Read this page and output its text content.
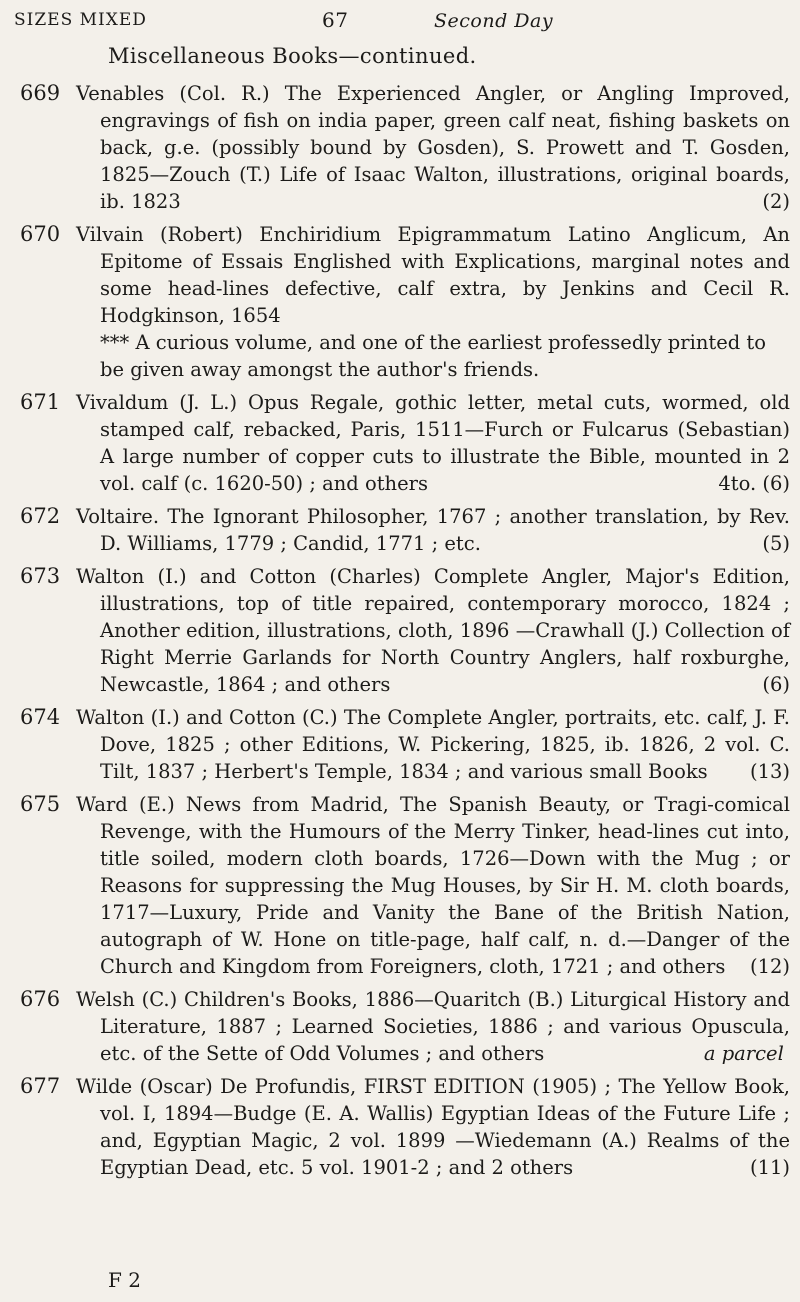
SIZES MIXED	67	Second Day
Miscellaneous Books—continued.
669 Venables (Col. R.) The Experienced Angler, or Angling Improved, engravings of fish on india paper, green calf neat, fishing baskets on back, g.e. (possibly bound by Gosden), S. Prowett and T. Gosden, 1825—Zouch (T.) Life of Isaac Walton, illustrations, original boards, ib. 1823	(2)
670 Vilvain (Robert) Enchiridium Epigrammatum Latino Anglicum, An Epitome of Essais Englished with Explications, marginal notes and some head-lines defective, calf extra, by Jenkins and Cecil R. Hodgkinson, 1654
*** A curious volume, and one of the earliest professedly printed to be given away amongst the author's friends.
671 Vivaldum (J. L.) Opus Regale, gothic letter, metal cuts, wormed, old stamped calf, rebacked, Paris, 1511—Furch or Fulcarus (Sebastian) A large number of copper cuts to illustrate the Bible, mounted in 2 vol. calf (c. 1620-50) ; and others	4to. (6)
672 Voltaire. The Ignorant Philosopher, 1767 ; another translation, by Rev. D. Williams, 1779 ; Candid, 1771 ; etc.	(5)
673 Walton (I.) and Cotton (Charles) Complete Angler, Major's Edition, illustrations, top of title repaired, contemporary morocco, 1824 ; Another edition, illustrations, cloth, 1896 —Crawhall (J.) Collection of Right Merrie Garlands for North Country Anglers, half roxburghe, Newcastle, 1864 ; and others	(6)
674 Walton (I.) and Cotton (C.) The Complete Angler, portraits, etc. calf, J. F. Dove, 1825 ; other Editions, W. Pickering, 1825, ib. 1826, 2 vol. C. Tilt, 1837 ; Herbert's Temple, 1834 ; and various small Books (13)
675 Ward (E.) News from Madrid, The Spanish Beauty, or Tragi-comical Revenge, with the Humours of the Merry Tinker, head-lines cut into, title soiled, modern cloth boards, 1726—Down with the Mug ; or Reasons for suppressing the Mug Houses, by Sir H. M. cloth boards, 1717—Luxury, Pride and Vanity the Bane of the British Nation, autograph of W. Hone on title-page, half calf, n. d.—Danger of the Church and Kingdom from Foreigners, cloth, 1721 ; and others (12)
676 Welsh (C.) Children's Books, 1886—Quaritch (B.) Liturgical History and Literature, 1887 ; Learned Societies, 1886 ; and various Opuscula, etc. of the Sette of Odd Volumes ; and others	a parcel
677 Wilde (Oscar) De Profundis, FIRST EDITION (1905) ; The Yellow Book, vol. I, 1894—Budge (E. A. Wallis) Egyptian Ideas of the Future Life ; and, Egyptian Magic, 2 vol. 1899 —Wiedemann (A.) Realms of the Egyptian Dead, etc. 5 vol. 1901-2 ; and 2 others	(11)
F 2
